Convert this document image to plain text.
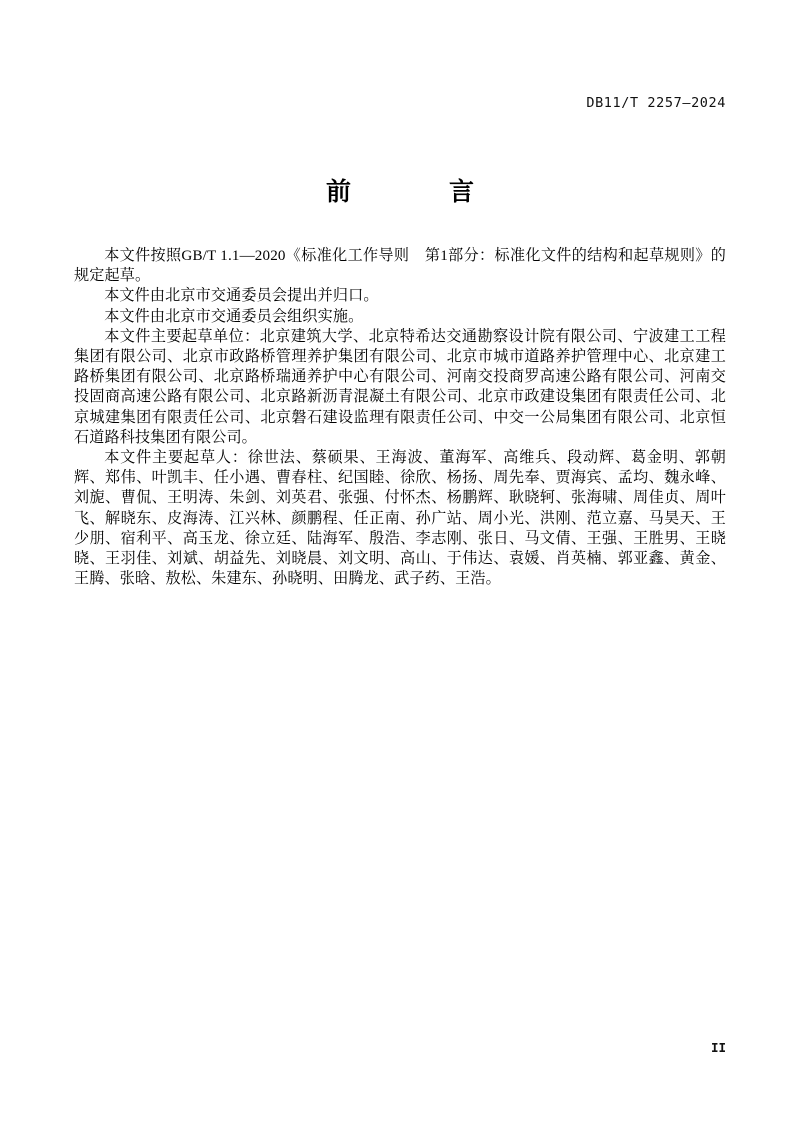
DB11/T 2257—2024
前　　言

本文件按照GB/T 1.1—2020《标准化工作导则　第1部分：标准化文件的结构和起草规则》的规定起草。

本文件由北京市交通委员会提出并归口。

本文件由北京市交通委员会组织实施。

本文件主要起草单位：北京建筑大学、北京特希达交通勘察设计院有限公司、宁波建工工程集团有限公司、北京市政路桥管理养护集团有限公司、北京市城市道路养护管理中心、北京建工路桥集团有限公司、北京路桥瑞通养护中心有限公司、河南交投商罗高速公路有限公司、河南交投固商高速公路有限公司、北京路新沥青混凝土有限公司、北京市政建设集团有限责任公司、北京城建集团有限责任公司、北京磐石建设监理有限责任公司、中交一公局集团有限公司、北京恒石道路科技集团有限公司。

本文件主要起草人：徐世法、蔡硕果、王海波、董海军、高维兵、段动辉、葛金明、郭朝辉、郑伟、叶凯丰、任小遇、曹春柱、纪国睦、徐欣、杨扬、周先奉、贾海宾、孟均、魏永峰、刘旎、曹侃、王明涛、朱剑、刘英君、张强、付怀杰、杨鹏辉、耿晓轲、张海啸、周佳贞、周叶飞、解晓东、皮海涛、江兴林、颜鹏程、任正南、孙广站、周小光、洪刚、范立嘉、马昊天、王少朋、宿利平、高玉龙、徐立廷、陆海军、殷浩、李志刚、张日、马文倩、王强、王胜男、王晓晓、王羽佳、刘斌、胡益先、刘晓晨、刘文明、高山、于伟达、袁媛、肖英楠、郭亚鑫、黄金、王腾、张晗、敖松、朱建东、孙晓明、田腾龙、武子药、王浩。

II
